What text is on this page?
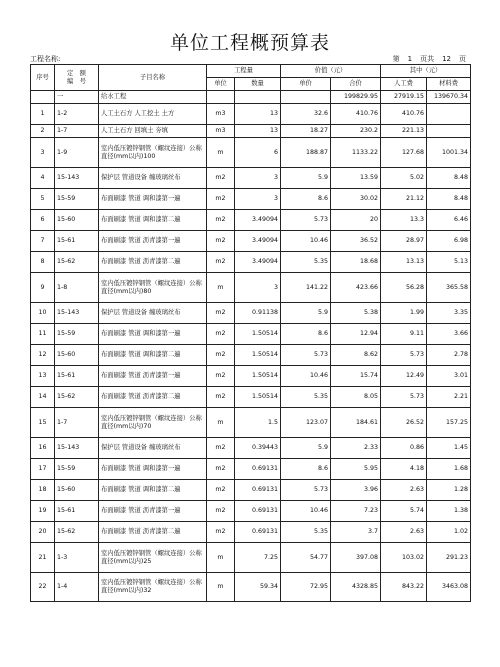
单位工程概预算表
工程名称:	第 1 页共 12 页
序号	定　额
编　号	子目名称	工程量		价值（元）		其中（元）	
			单位	数量	单价	合价	人工费	材料费
	一	给水工程				199829.95	27919.15	139670.34
1	1-2	人工土石方 人工挖土 土方	m3	13	32.6	410.76	410.76	
2	1-7	人工土石方 回填土 夯填	m3	13	18.27	230.2	221.13	
3	1-9	室内低压镀锌钢管（螺纹连接）公称直径(mm以内)100	m	6	188.87	1133.22	127.68	1001.34
4	15-143	保护层 管道设备 缠玻璃丝布	m2	3	5.9	13.59	5.02	8.48
5	15-59	布面刷漆 管道 调和漆第一遍	m2	3	8.6	30.02	21.12	8.48
6	15-60	布面刷漆 管道 调和漆第二遍	m2	3.49094	5.73	20	13.3	6.46
7	15-61	布面刷漆 管道 沥青漆第一遍	m2	3.49094	10.46	36.52	28.97	6.98
8	15-62	布面刷漆 管道 沥青漆第二遍	m2	3.49094	5.35	18.68	13.13	5.13
9	1-8	室内低压镀锌钢管（螺纹连接）公称直径(mm以内)80	m	3	141.22	423.66	56.28	365.58
10	15-143	保护层 管道设备 缠玻璃丝布	m2	0.91138	5.9	5.38	1.99	3.35
11	15-59	布面刷漆 管道 调和漆第一遍	m2	1.50514	8.6	12.94	9.11	3.66
12	15-60	布面刷漆 管道 调和漆第二遍	m2	1.50514	5.73	8.62	5.73	2.78
13	15-61	布面刷漆 管道 沥青漆第一遍	m2	1.50514	10.46	15.74	12.49	3.01
14	15-62	布面刷漆 管道 沥青漆第二遍	m2	1.50514	5.35	8.05	5.73	2.21
15	1-7	室内低压镀锌钢管（螺纹连接）公称直径(mm以内)70	m	1.5	123.07	184.61	26.52	157.25
16	15-143	保护层 管道设备 缠玻璃丝布	m2	0.39443	5.9	2.33	0.86	1.45
17	15-59	布面刷漆 管道 调和漆第一遍	m2	0.69131	8.6	5.95	4.18	1.68
18	15-60	布面刷漆 管道 调和漆第二遍	m2	0.69131	5.73	3.96	2.63	1.28
19	15-61	布面刷漆 管道 沥青漆第一遍	m2	0.69131	10.46	7.23	5.74	1.38
20	15-62	布面刷漆 管道 沥青漆第二遍	m2	0.69131	5.35	3.7	2.63	1.02
21	1-3	室内低压镀锌钢管（螺纹连接）公称直径(mm以内)25	m	7.25	54.77	397.08	103.02	291.23
22	1-4	室内低压镀锌钢管（螺纹连接）公称直径(mm以内)32	m	59.34	72.95	4328.85	843.22	3463.08
